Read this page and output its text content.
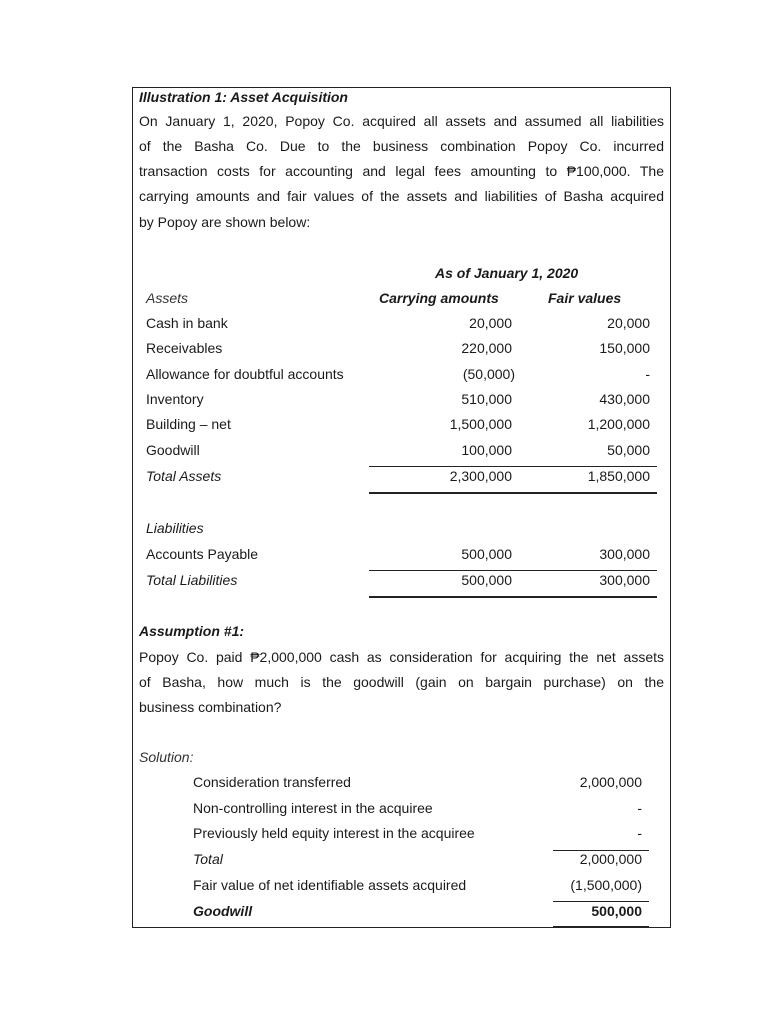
Illustration 1: Asset Acquisition
On January 1, 2020, Popoy Co. acquired all assets and assumed all liabilities
of the Basha Co. Due to the business combination Popoy Co. incurred
transaction costs for accounting and legal fees amounting to ₱100,000. The
carrying amounts and fair values of the assets and liabilities of Basha acquired
by Popoy are shown below:
As of January 1, 2020
Assets	Carrying amounts	Fair values
Cash in bank	20,000	20,000
Receivables	220,000	150,000
Allowance for doubtful accounts	(50,000)	-
Inventory	510,000	430,000
Building – net	1,500,000	1,200,000
Goodwill	100,000	50,000
Total Assets	2,300,000	1,850,000
Liabilities
Accounts Payable	500,000	300,000
Total Liabilities	500,000	300,000
Assumption #1:
Popoy Co. paid ₱2,000,000 cash as consideration for acquiring the net assets
of Basha, how much is the goodwill (gain on bargain purchase) on the
business combination?
Solution:
Consideration transferred	2,000,000
Non-controlling interest in the acquiree	-
Previously held equity interest in the acquiree	-
Total	2,000,000
Fair value of net identifiable assets acquired	(1,500,000)
Goodwill	500,000
